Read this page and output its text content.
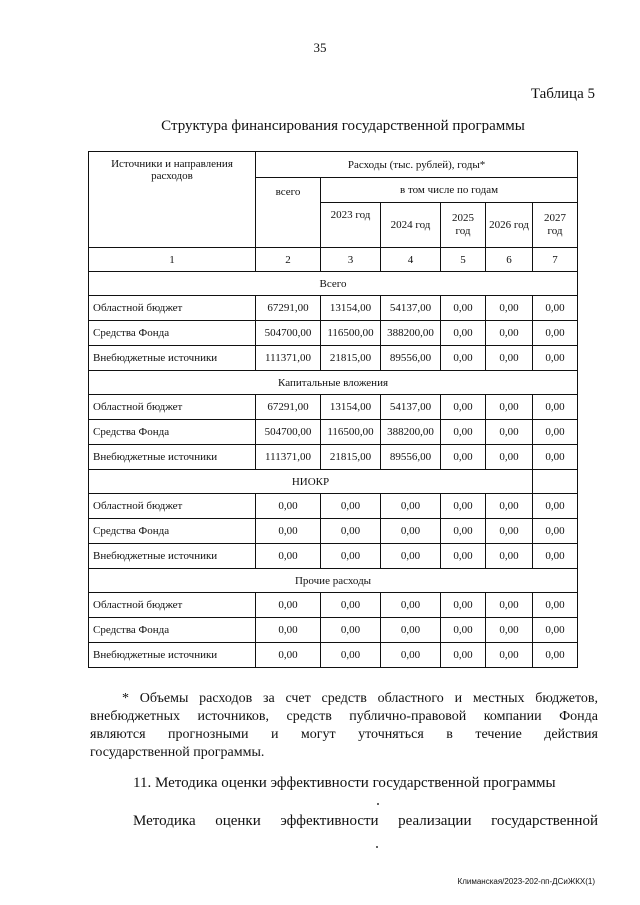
35
Таблица 5
Структура финансирования государственной программы
Источники и направления расходов	Расходы (тыс. рублей), годы*					
	всего	в том числе по годам				
		2023 год	2024 год	2025 год	2026 год	2027 год
1	2	3	4	5	6	7
Всего						
Областной бюджет	67291,00	13154,00	54137,00	0,00	0,00	0,00
Средства Фонда	504700,00	116500,00	388200,00	0,00	0,00	0,00
Внебюджетные источники	111371,00	21815,00	89556,00	0,00	0,00	0,00
Капитальные вложения						
Областной бюджет	67291,00	13154,00	54137,00	0,00	0,00	0,00
Средства Фонда	504700,00	116500,00	388200,00	0,00	0,00	0,00
Внебюджетные источники	111371,00	21815,00	89556,00	0,00	0,00	0,00
НИОКР						
Областной бюджет	0,00	0,00	0,00	0,00	0,00	0,00
Средства Фонда	0,00	0,00	0,00	0,00	0,00	0,00
Внебюджетные источники	0,00	0,00	0,00	0,00	0,00	0,00
Прочие расходы						
Областной бюджет	0,00	0,00	0,00	0,00	0,00	0,00
Средства Фонда	0,00	0,00	0,00	0,00	0,00	0,00
Внебюджетные источники	0,00	0,00	0,00	0,00	0,00	0,00

* Объемы расходов за счет средств областного и местных бюджетов,

внебюджетных источников, средств публично-правовой компании Фонда

являются прогнозными и могут уточняться в течение действия

государственной программы.

11. Методика оценки эффективности государственной программы
Методика оценки эффективности реализации государственной
Климанская/2023-202-пп-ДСиЖКХ(1)
